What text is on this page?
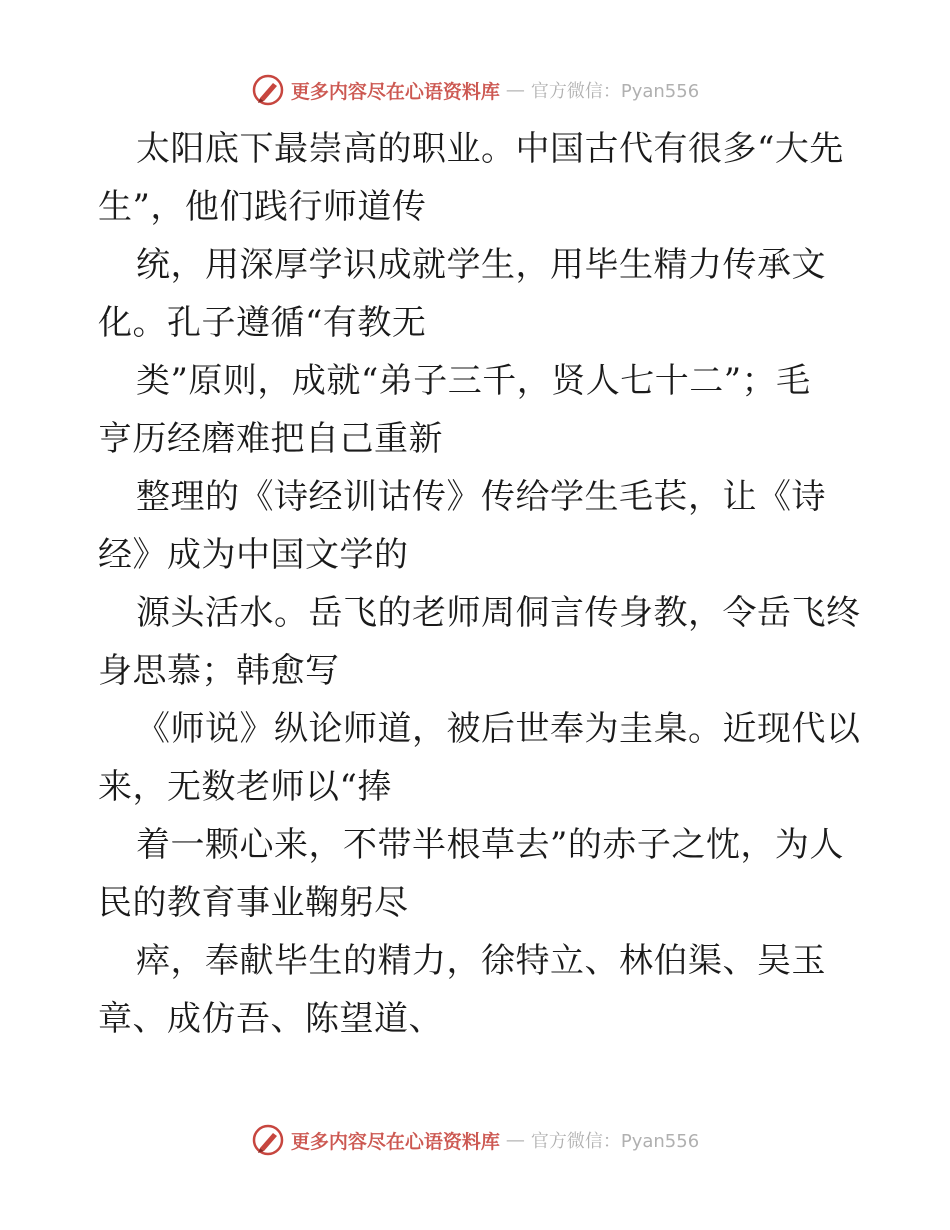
更多内容尽在心语资料库 — 官方微信：Pyan556
太阳底下最崇高的职业。中国古代有很多“大先
生”，他们践行师道传
统，用深厚学识成就学生，用毕生精力传承文
化。孔子遵循“有教无
类”原则，成就“弟子三千，贤人七十二”；毛
亨历经磨难把自己重新
整理的《诗经训诂传》传给学生毛苌，让《诗
经》成为中国文学的
源头活水。岳飞的老师周侗言传身教，令岳飞终
身思慕；韩愈写
《师说》纵论师道，被后世奉为圭臬。近现代以
来，无数老师以“捧
着一颗心来，不带半根草去”的赤子之忱，为人
民的教育事业鞠躬尽
瘁，奉献毕生的精力，徐特立、林伯渠、吴玉
章、成仿吾、陈望道、
更多内容尽在心语资料库 — 官方微信：Pyan556
